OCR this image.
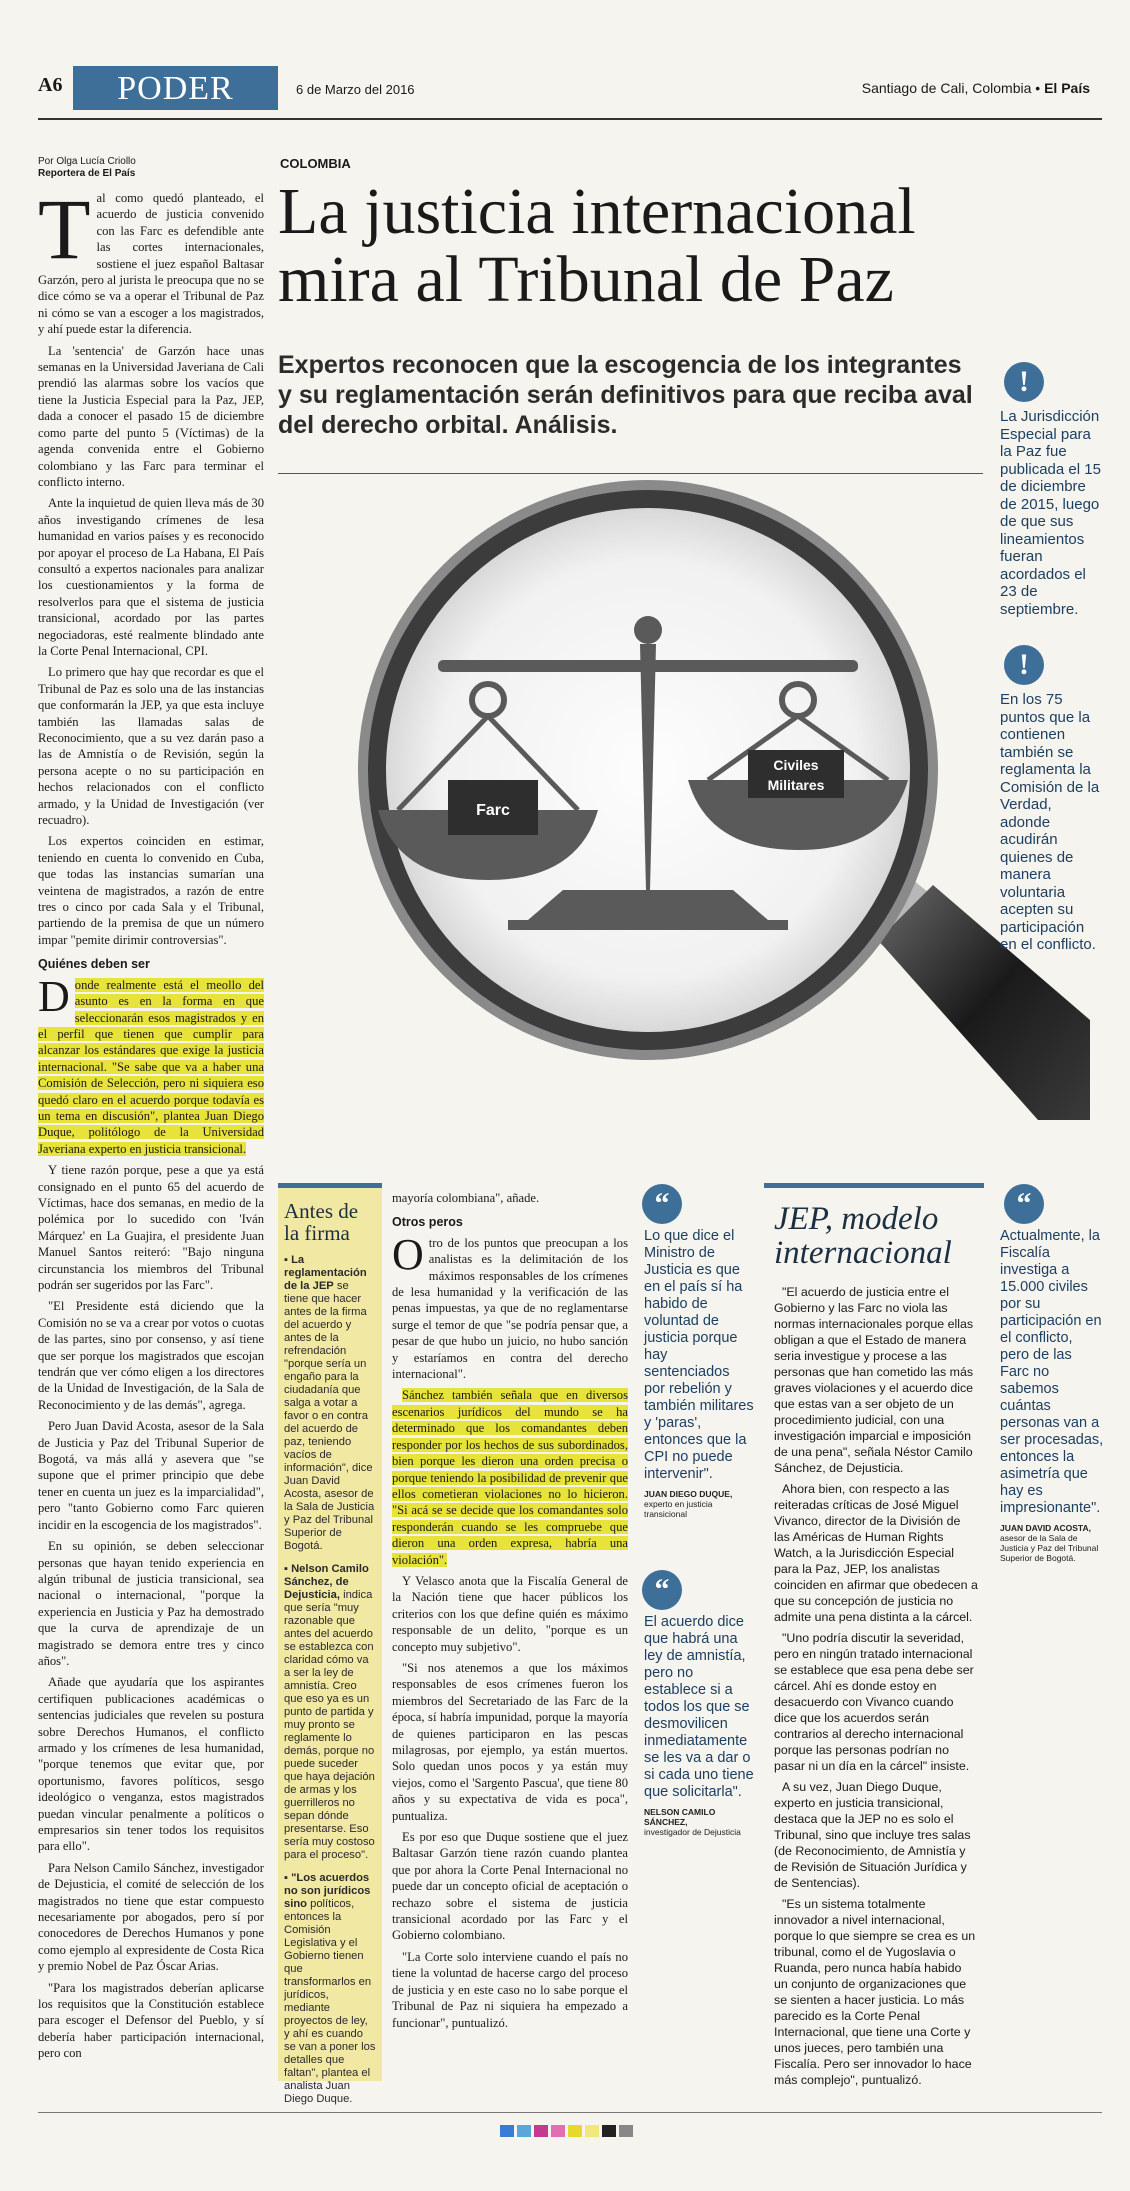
A6	PODER	6 de Marzo del 2016	Santiago de Cali, Colombia • El País
Por Olga Lucía Criollo
Reportera de El País
COLOMBIA
La justicia internacional mira al Tribunal de Paz
Expertos reconocen que la escogencia de los integrantes y su reglamentación serán definitivos para que reciba aval del derecho orbital. Análisis.

Tal como quedó planteado, el acuerdo de justicia convenido con las Farc es defendible ante las cortes internacionales, sostiene el juez español Baltasar Garzón, pero al jurista le preocupa que no se dice cómo se va a operar el Tribunal de Paz ni cómo se van a escoger a los magistrados, y ahí puede estar la diferencia.

La 'sentencia' de Garzón hace unas semanas en la Universidad Javeriana de Cali prendió las alarmas sobre los vacíos que tiene la Justicia Especial para la Paz, JEP, dada a conocer el pasado 15 de diciembre como parte del punto 5 (Víctimas) de la agenda convenida entre el Gobierno colombiano y las Farc para terminar el conflicto interno.

Ante la inquietud de quien lleva más de 30 años investigando crímenes de lesa humanidad en varios países y es reconocido por apoyar el proceso de La Habana, El País consultó a expertos nacionales para analizar los cuestionamientos y la forma de resolverlos para que el sistema de justicia transicional, acordado por las partes negociadoras, esté realmente blindado ante la Corte Penal Internacional, CPI.

Lo primero que hay que recordar es que el Tribunal de Paz es solo una de las instancias que conformarán la JEP, ya que esta incluye también las llamadas salas de Reconocimiento, que a su vez darán paso a las de Amnistía o de Revisión, según la persona acepte o no su participación en hechos relacionados con el conflicto armado, y la Unidad de Investigación (ver recuadro).

Los expertos coinciden en estimar, teniendo en cuenta lo convenido en Cuba, que todas las instancias sumarían una veintena de magistrados, a razón de entre tres o cinco por cada Sala y el Tribunal, partiendo de la premisa de que un número impar "pemite dirimir controversias".

Quiénes deben ser

Donde realmente está el meollo del asunto es en la forma en que seleccionarán esos magistrados y en el perfil que tienen que cumplir para alcanzar los estándares que exige la justicia internacional. "Se sabe que va a haber una Comisión de Selección, pero ni siquiera eso quedó claro en el acuerdo porque todavía es un tema en discusión", plantea Juan Diego Duque, politólogo de la Universidad Javeriana experto en justicia transicional.

Y tiene razón porque, pese a que ya está consignado en el punto 65 del acuerdo de Víctimas, hace dos semanas, en medio de la polémica por lo sucedido con 'Iván Márquez' en La Guajira, el presidente Juan Manuel Santos reiteró: "Bajo ninguna circunstancia los miembros del Tribunal podrán ser sugeridos por las Farc".

"El Presidente está diciendo que la Comisión no se va a crear por votos o cuotas de las partes, sino por consenso, y así tiene que ser porque los magistrados que escojan tendrán que ver cómo eligen a los directores de la Unidad de Investigación, de la Sala de Reconocimiento y de las demás", agrega.

Pero Juan David Acosta, asesor de la Sala de Justicia y Paz del Tribunal Superior de Bogotá, va más allá y asevera que "se supone que el primer principio que debe tener en cuenta un juez es la imparcialidad", pero "tanto Gobierno como Farc quieren incidir en la escogencia de los magistrados".

En su opinión, se deben seleccionar personas que hayan tenido experiencia en algún tribunal de justicia transicional, sea nacional o internacional, "porque la experiencia en Justicia y Paz ha demostrado que la curva de aprendizaje de un magistrado se demora entre tres y cinco años".

Añade que ayudaría que los aspirantes certifiquen publicaciones académicas o sentencias judiciales que revelen su postura sobre Derechos Humanos, el conflicto armado y los crímenes de lesa humanidad, "porque tenemos que evitar que, por oportunismo, favores políticos, sesgo ideológico o venganza, estos magistrados puedan vincular penalmente a políticos o empresarios sin tener todos los requisitos para ello".

Para Nelson Camilo Sánchez, investigador de Dejusticia, el comité de selección de los magistrados no tiene que estar compuesto necesariamente por abogados, pero sí por conocedores de Derechos Humanos y pone como ejemplo al expresidente de Costa Rica y premio Nobel de Paz Óscar Arias.

"Para los magistrados deberían aplicarse los requisitos que la Constitución establece para escoger el Defensor del Pueblo, y sí debería haber participación internacional, pero con

Farc
Civiles
Militares
!
La Jurisdicción Especial para la Paz fue publicada el 15 de diciembre de 2015, luego de que sus lineamientos fueran acordados el 23 de septiembre.
!
En los 75 puntos que la contienen también se reglamenta la Comisión de la Verdad, adonde acudirán quienes de manera voluntaria acepten su participación en el conflicto.
Antes de la firma
▪ La reglamentación de la JEP se tiene que hacer antes de la firma del acuerdo y antes de la refrendación "porque sería un engaño para la ciudadanía que salga a votar a favor o en contra del acuerdo de paz, teniendo vacíos de información", dice Juan David Acosta, asesor de la Sala de Justicia y Paz del Tribunal Superior de Bogotá.
▪ Nelson Camilo Sánchez, de Dejusticia, indica que sería "muy razonable que antes del acuerdo se establezca con claridad cómo va a ser la ley de amnistía. Creo que eso ya es un punto de partida y muy pronto se reglamente lo demás, porque no puede suceder que haya dejación de armas y los guerrilleros no sepan dónde presentarse. Eso sería muy costoso para el proceso".
▪ "Los acuerdos no son jurídicos sino políticos, entonces la Comisión Legislativa y el Gobierno tienen que transformarlos en jurídicos, mediante proyectos de ley, y ahí es cuando se van a poner los detalles que faltan", plantea el analista Juan Diego Duque.

mayoría colombiana", añade.

Otros peros

Otro de los puntos que preocupan a los analistas es la delimitación de los máximos responsables de los crímenes de lesa humanidad y la verificación de las penas impuestas, ya que de no reglamentarse surge el temor de que "se podría pensar que, a pesar de que hubo un juicio, no hubo sanción y estaríamos en contra del derecho internacional".

Sánchez también señala que en diversos escenarios jurídicos del mundo se ha determinado que los comandantes deben responder por los hechos de sus subordinados, bien porque les dieron una orden precisa o porque teniendo la posibilidad de prevenir que ellos cometieran violaciones no lo hicieron. "Si acá se se decide que los comandantes solo responderán cuando se les compruebe que dieron una orden expresa, habría una violación".

Y Velasco anota que la Fiscalía General de la Nación tiene que hacer públicos los criterios con los que define quién es máximo responsable de un delito, "porque es un concepto muy subjetivo".

"Si nos atenemos a que los máximos responsables de esos crímenes fueron los miembros del Secretariado de las Farc de la época, sí habría impunidad, porque la mayoría de quienes participaron en las pescas milagrosas, por ejemplo, ya están muertos. Solo quedan unos pocos y ya están muy viejos, como el 'Sargento Pascua', que tiene 80 años y su expectativa de vida es poca", puntualiza.

Es por eso que Duque sostiene que el juez Baltasar Garzón tiene razón cuando plantea que por ahora la Corte Penal Internacional no puede dar un concepto oficial de aceptación o rechazo sobre el sistema de justicia transicional acordado por las Farc y el Gobierno colombiano.

"La Corte solo interviene cuando el país no tiene la voluntad de hacerse cargo del proceso de justicia y en este caso no lo sabe porque el Tribunal de Paz ni siquiera ha empezado a funcionar", puntualizó.

“
Lo que dice el Ministro de Justicia es que en el país sí ha habido de voluntad de justicia porque hay sentenciados por rebelión y también militares y 'paras', entonces que la CPI no puede intervenir".
JUAN DIEGO DUQUE,
experto en justicia transicional
“
El acuerdo dice que habrá una ley de amnistía, pero no establece si a todos los que se desmovilicen inmediatamente se les va a dar o si cada uno tiene que solicitarla".
NELSON CAMILO SÁNCHEZ,
investigador de Dejusticia
JEP, modelo internacional

"El acuerdo de justicia entre el Gobierno y las Farc no viola las normas internacionales porque ellas obligan a que el Estado de manera seria investigue y procese a las personas que han cometido las más graves violaciones y el acuerdo dice que estas van a ser objeto de un procedimiento judicial, con una investigación imparcial e imposición de una pena", señala Néstor Camilo Sánchez, de Dejusticia.

Ahora bien, con respecto a las reiteradas críticas de José Miguel Vivanco, director de la División de las Américas de Human Rights Watch, a la Jurisdicción Especial para la Paz, JEP, los analistas coinciden en afirmar que obedecen a que su concepción de justicia no admite una pena distinta a la cárcel.

"Uno podría discutir la severidad, pero en ningún tratado internacional se establece que esa pena debe ser cárcel. Ahí es donde estoy en desacuerdo con Vivanco cuando dice que los acuerdos serán contrarios al derecho internacional porque las personas podrían no pasar ni un día en la cárcel" insiste.

A su vez, Juan Diego Duque, experto en justicia transicional, destaca que la JEP no es solo el Tribunal, sino que incluye tres salas (de Reconocimiento, de Amnistía y de Revisión de Situación Jurídica y de Sentencias).

"Es un sistema totalmente innovador a nivel internacional, porque lo que siempre se crea es un tribunal, como el de Yugoslavia o Ruanda, pero nunca había habido un conjunto de organizaciones que se sienten a hacer justicia. Lo más parecido es la Corte Penal Internacional, que tiene una Corte y unos jueces, pero también una Fiscalía. Pero ser innovador lo hace más complejo", puntualizó.

“
Actualmente, la Fiscalía investiga a 15.000 civiles por su participación en el conflicto, pero de las Farc no sabemos cuántas personas van a ser procesadas, entonces la asimetría que hay es impresionante".
JUAN DAVID ACOSTA,
asesor de la Sala de Justicia y Paz del Tribunal Superior de Bogotá.
